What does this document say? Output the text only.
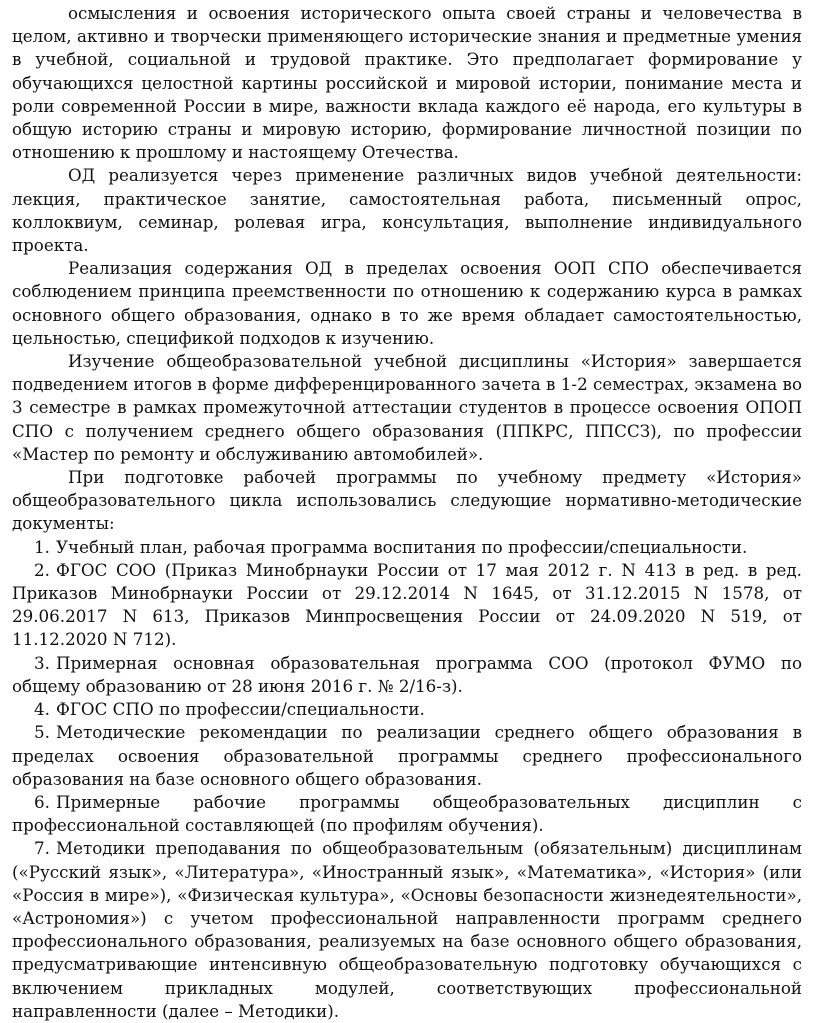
осмысления и освоения исторического опыта своей страны и человечества в целом, активно и творчески применяющего исторические знания и предметные умения в учебной, социальной и трудовой практике. Это предполагает формирование у обучающихся целостной картины российской и мировой истории, понимание места и роли современной России в мире, важности вклада каждого её народа, его культуры в общую историю страны и мировую историю, формирование личностной позиции по отношению к прошлому и настоящему Отечества.

ОД реализуется через применение различных видов учебной деятельности: лекция, практическое занятие, самостоятельная работа, письменный опрос, коллоквиум, семинар, ролевая игра, консультация, выполнение индивидуального проекта.

Реализация содержания ОД в пределах освоения ООП СПО обеспечивается соблюдением принципа преемственности по отношению к содержанию курса в рамках основного общего образования, однако в то же время обладает самостоятельностью, цельностью, спецификой подходов к изучению.

Изучение общеобразовательной учебной дисциплины «История» завершается подведением итогов в форме дифференцированного зачета в 1-2 семестрах, экзамена во 3 семестре в рамках промежуточной аттестации студентов в процессе освоения ОПОП СПО с получением среднего общего образования (ППКРС, ППССЗ), по профессии «Мастер по ремонту и обслуживанию автомобилей».

При подготовке рабочей программы по учебному предмету «История» общеобразовательного цикла использовались следующие нормативно-методические документы:

1. Учебный план, рабочая программа воспитания по профессии/специальности.

2. ФГОС СОО (Приказ Минобрнауки России от 17 мая 2012 г. N 413 в ред. в ред. Приказов Минобрнауки России от 29.12.2014 N 1645, от 31.12.2015 N 1578, от 29.06.2017 N 613, Приказов Минпросвещения России от 24.09.2020 N 519, от 11.12.2020 N 712).

3. Примерная основная образовательная программа СОО (протокол ФУМО по общему образованию от 28 июня 2016 г. № 2/16-з).

4. ФГОС СПО по профессии/специальности.

5. Методические рекомендации по реализации среднего общего образования в пределах освоения образовательной программы среднего профессионального образования на базе основного общего образования.

6. Примерные рабочие программы общеобразовательных дисциплин с профессиональной составляющей (по профилям обучения).

7. Методики преподавания по общеобразовательным (обязательным) дисциплинам («Русский язык», «Литература», «Иностранный язык», «Математика», «История» (или «Россия в мире»), «Физическая культура», «Основы безопасности жизнедеятельности», «Астрономия») с учетом профессиональной направленности программ среднего профессионального образования, реализуемых на базе основного общего образования, предусматривающие интенсивную общеобразовательную подготовку обучающихся с включением прикладных модулей, соответствующих профессиональной направленности (далее – Методики).
